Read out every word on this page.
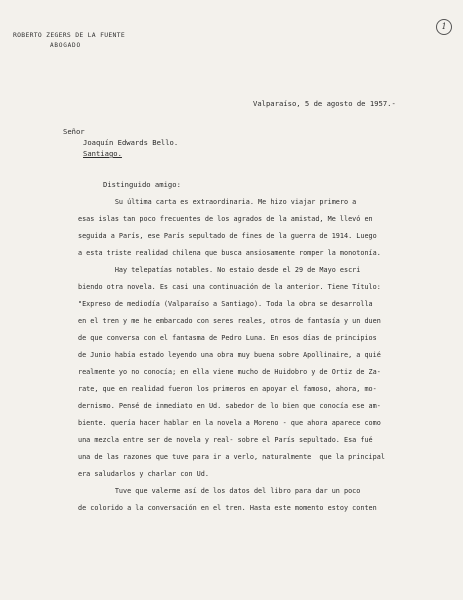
ROBERTO ZEGERS DE LA FUENTE
ABOGADO
1
Valparaíso, 5 de agosto de 1957.-
Señor
Joaquín Edwards Bello.
Santiago.
Distinguido amigo:
Su última carta es extraordinaria. Me hizo viajar primero a
esas islas tan poco frecuentes de los agrados de la amistad, Me llevó en
seguida a París, ese París sepultado de fines de la guerra de 1914. Luego
a esta triste realidad chilena que busca ansiosamente romper la monotonía.
Hay telepatías notables. No estaio desde el 29 de Mayo escri
biendo otra novela. Es casi una continuación de la anterior. Tiene Título:
"Expreso de mediodía (Valparaíso a Santiago). Toda la obra se desarrolla
en el tren y me he embarcado con seres reales, otros de fantasía y un duen
de que conversa con el fantasma de Pedro Luna. En esos días de principios
de Junio había estado leyendo una obra muy buena sobre Apollinaire, a quié
realmente yo no conocía; en ella viene mucho de Huidobro y de Ortiz de Za-
rate, que en realidad fueron los primeros en apoyar el famoso, ahora, mo-
dernismo. Pensé de inmediato en Ud. sabedor de lo bien que conocía ese am-
biente. quería hacer hablar en la novela a Moreno - que ahora aparece como
una mezcla entre ser de novela y real- sobre el París sepultado. Esa fué
una de las razones que tuve para ir a verlo, naturalmente  que la principal
era saludarlos y charlar con Ud.
Tuve que valerme así de los datos del libro para dar un poco
de colorido a la conversación en el tren. Hasta este momento estoy conten
